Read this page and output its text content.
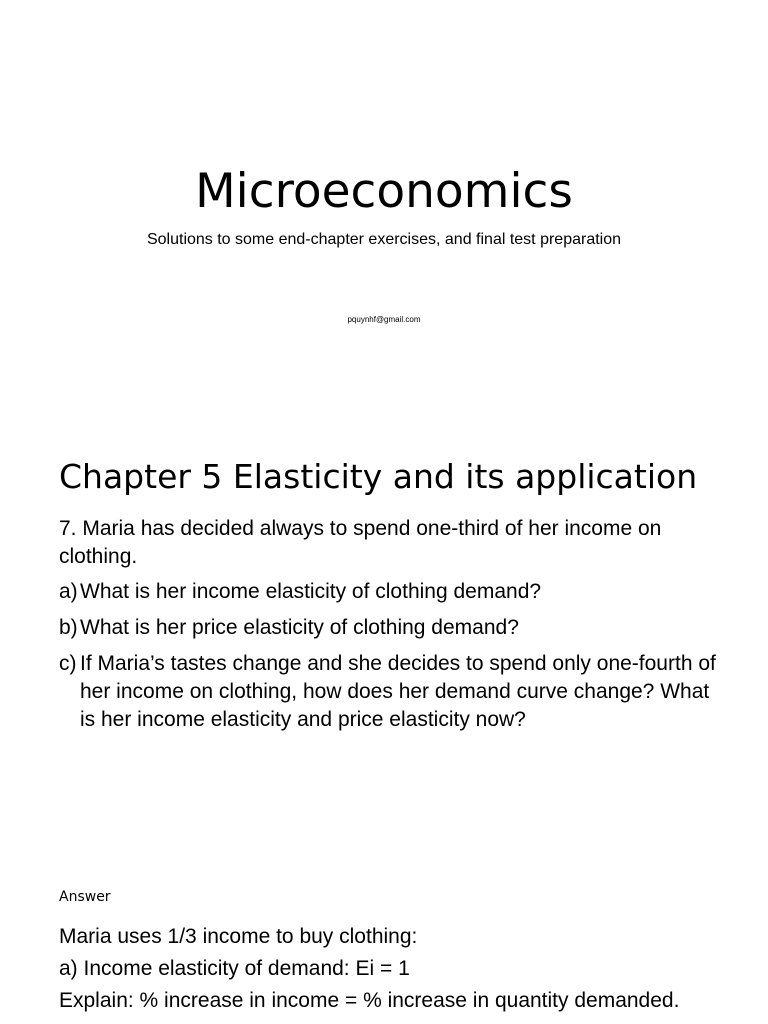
Microeconomics
Solutions to some end-chapter exercises, and final test preparation
pquynhf@gmail.com
Chapter 5 Elasticity and its application
7. Maria has decided always to spend one-third of her income on clothing.
a) What is her income elasticity of clothing demand?
b) What is her price elasticity of clothing demand?
c) If Maria’s tastes change and she decides to spend only one-fourth of her income on clothing, how does her demand curve change? What is her income elasticity and price elasticity now?
Answer
Maria uses 1/3 income to buy clothing:
a) Income elasticity of demand: Ei = 1
Explain: % increase in income = % increase in quantity demanded.
